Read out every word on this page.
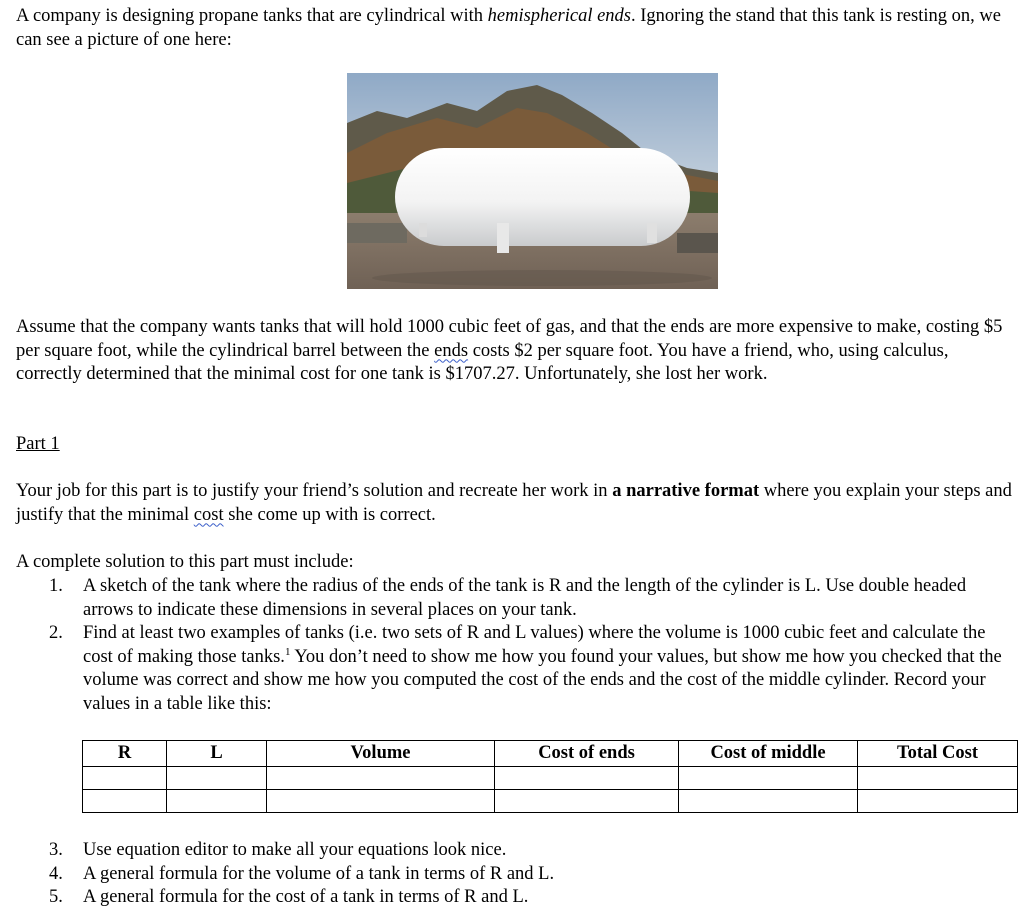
A company is designing propane tanks that are cylindrical with hemispherical ends. Ignoring the stand that this tank is resting on, we can see a picture of one here:

Assume that the company wants tanks that will hold 1000 cubic feet of gas, and that the ends are more expensive to make, costing $5 per square foot, while the cylindrical barrel between the ends costs $2 per square foot. You have a friend, who, using calculus, correctly determined that the minimal cost for one tank is $1707.27. Unfortunately, she lost her work.

Part 1

Your job for this part is to justify your friend’s solution and recreate her work in a narrative format where you explain your steps and justify that the minimal cost she come up with is correct.

A complete solution to this part must include:

1. A sketch of the tank where the radius of the ends of the tank is R and the length of the cylinder is L. Use double headed arrows to indicate these dimensions in several places on your tank.
2. Find at least two examples of tanks (i.e. two sets of R and L values) where the volume is 1000 cubic feet and calculate the cost of making those tanks.$^1$ You don’t need to show me how you found your values, but show me how you checked that the volume was correct and show me how you computed the cost of the ends and the cost of the middle cylinder. Record your values in a table like this:
R	L	Volume	Cost of ends	Cost of middle	Total Cost

3. Use equation editor to make all your equations look nice.
4. A general formula for the volume of a tank in terms of R and L.
5. A general formula for the cost of a tank in terms of R and L.
